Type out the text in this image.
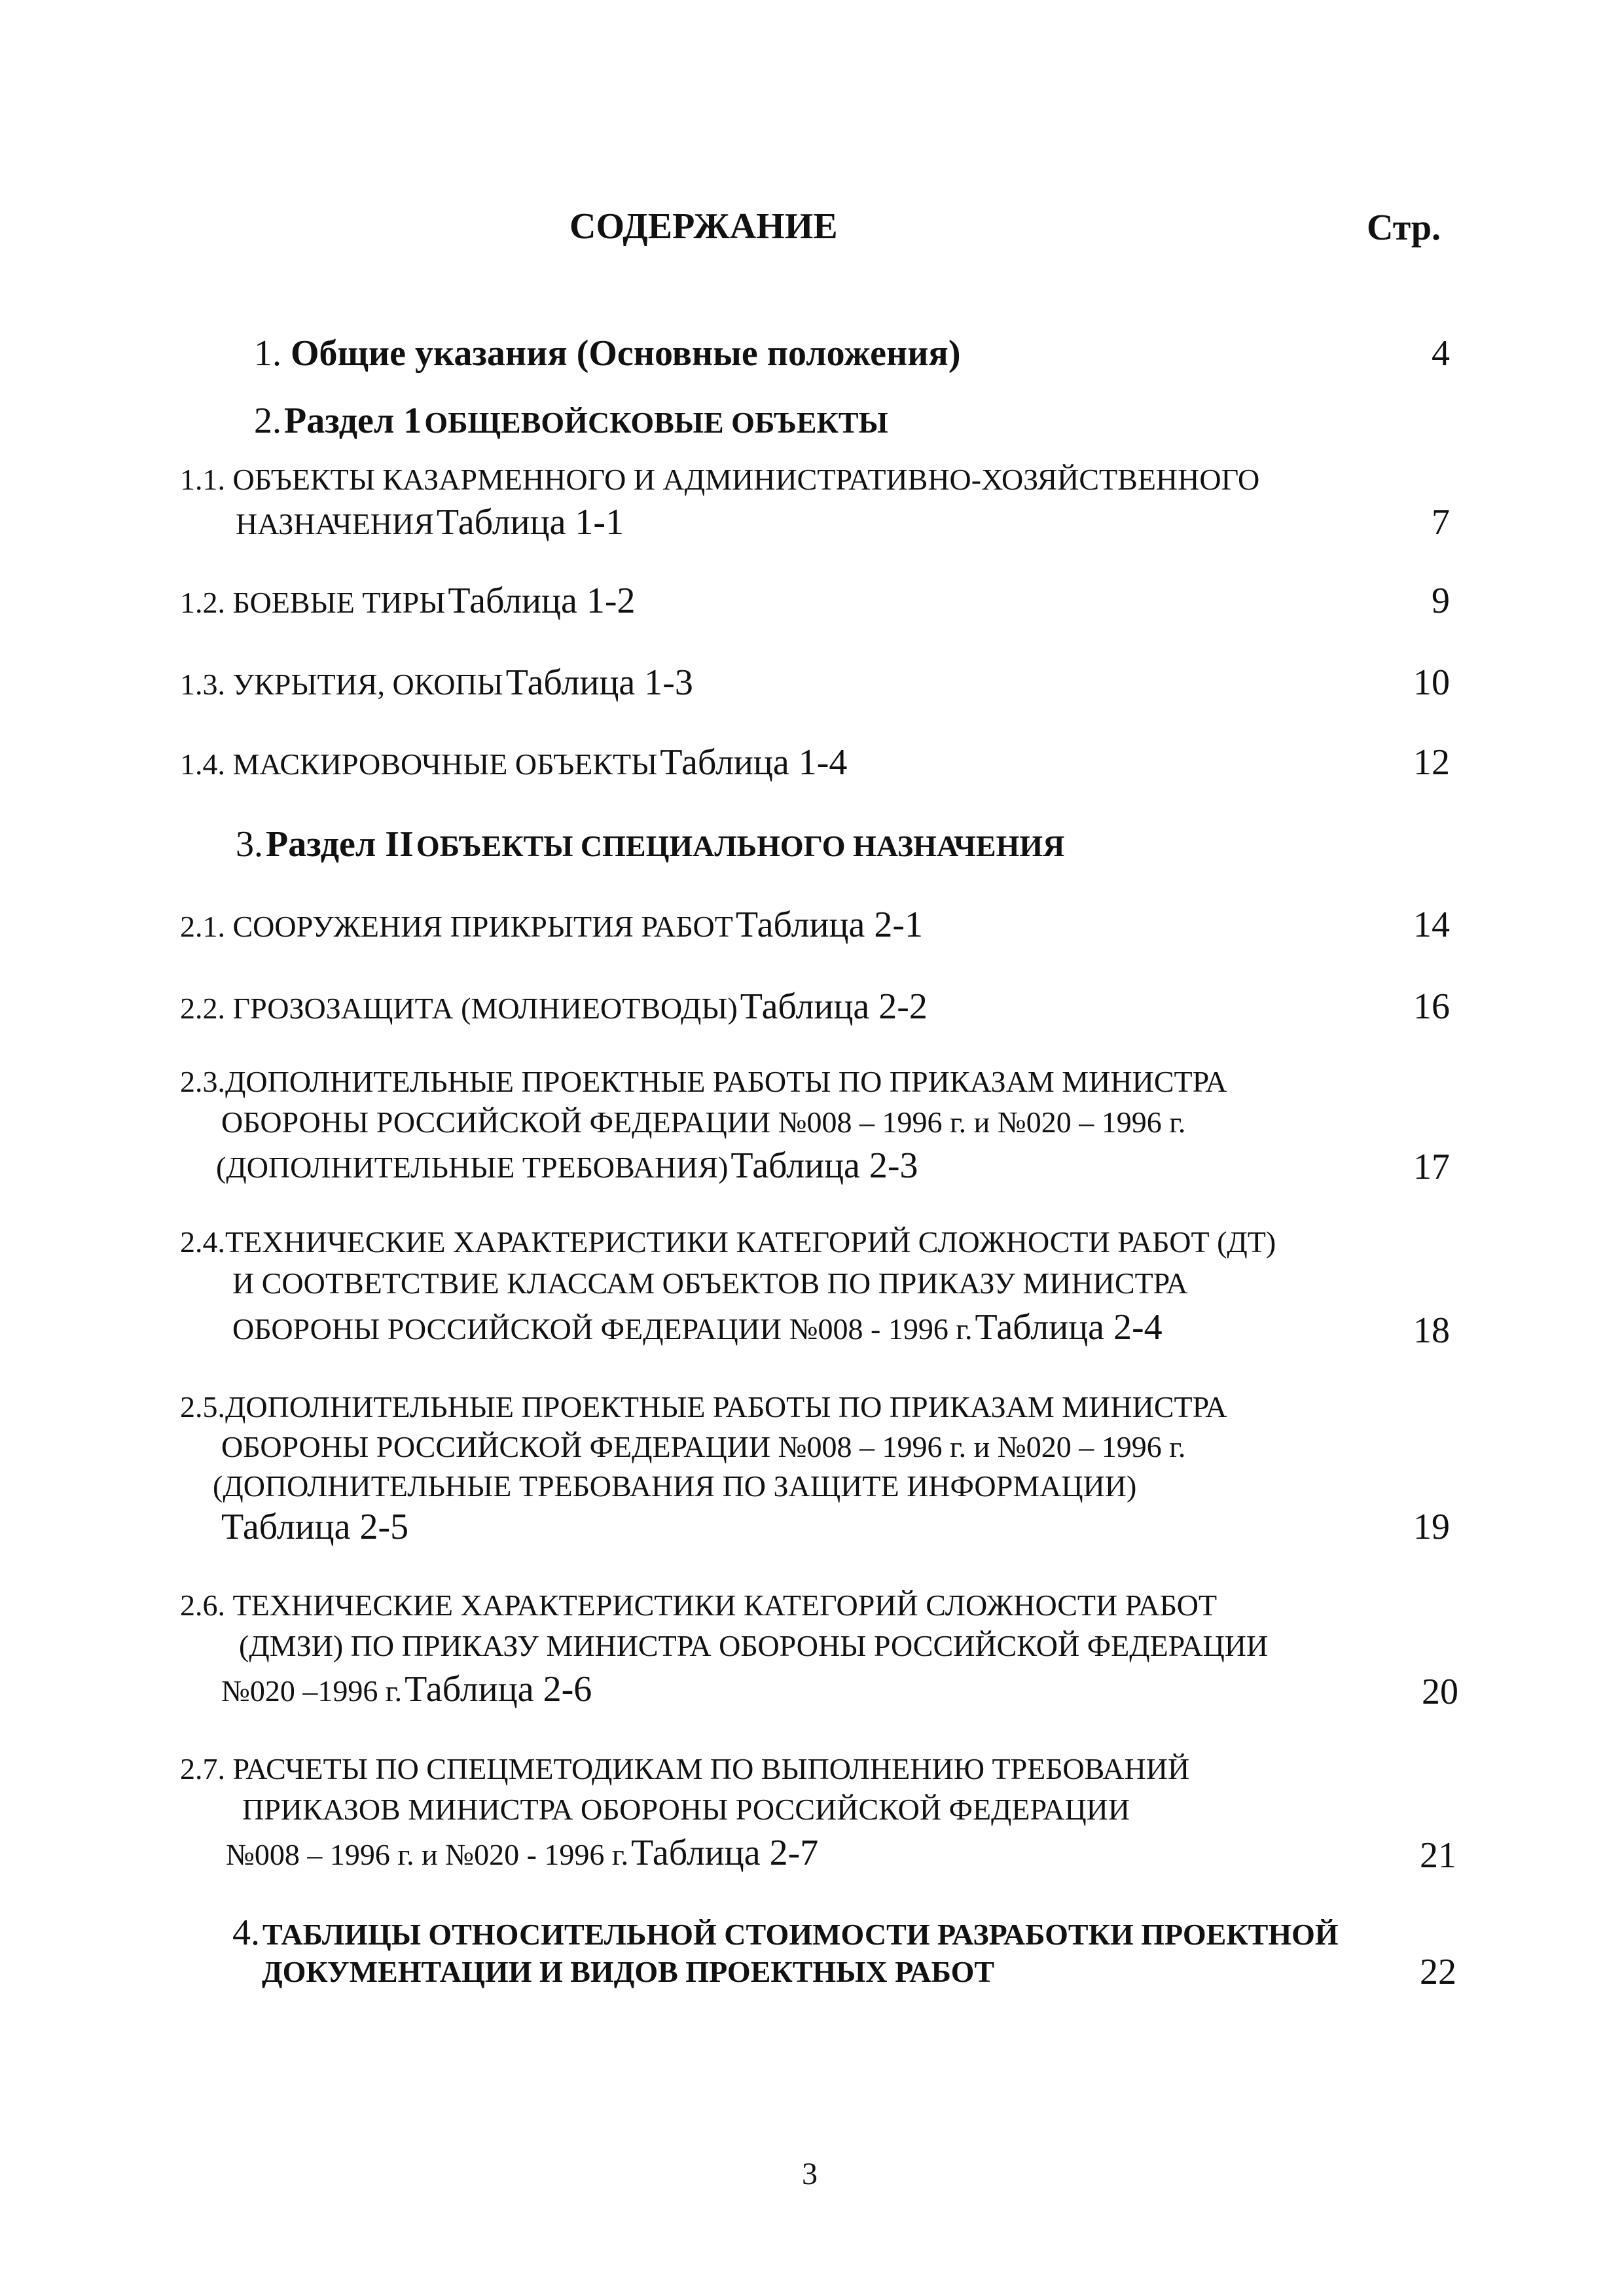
СОДЕРЖАНИЕ	Стр.
1. Общие указания (Основные положения)	4
2. Раздел 1 ОБЩЕВОЙСКОВЫЕ ОБЪЕКТЫ
1.1. ОБЪЕКТЫ КАЗАРМЕННОГО И АДМИНИСТРАТИВНО-ХОЗЯЙСТВЕННОГО
НАЗНАЧЕНИЯ Таблица 1-1	7
1.2. БОЕВЫЕ ТИРЫ Таблица 1-2	9
1.3. УКРЫТИЯ, ОКОПЫ Таблица 1-3	10
1.4. МАСКИРОВОЧНЫЕ ОБЪЕКТЫ Таблица 1-4	12
3. Раздел II ОБЪЕКТЫ СПЕЦИАЛЬНОГО НАЗНАЧЕНИЯ
2.1. СООРУЖЕНИЯ ПРИКРЫТИЯ РАБОТ Таблица 2-1	14
2.2. ГРОЗОЗАЩИТА (МОЛНИЕОТВОДЫ) Таблица 2-2	16
2.3.ДОПОЛНИТЕЛЬНЫЕ ПРОЕКТНЫЕ РАБОТЫ ПО ПРИКАЗАМ МИНИСТРА
ОБОРОНЫ РОССИЙСКОЙ ФЕДЕРАЦИИ №008 – 1996 г. и №020 – 1996 г.
(ДОПОЛНИТЕЛЬНЫЕ ТРЕБОВАНИЯ) Таблица 2-3	17
2.4.ТЕХНИЧЕСКИЕ ХАРАКТЕРИСТИКИ КАТЕГОРИЙ СЛОЖНОСТИ РАБОТ (ДТ)
И СООТВЕТСТВИЕ КЛАССАМ ОБЪЕКТОВ ПО ПРИКАЗУ МИНИСТРА
ОБОРОНЫ РОССИЙСКОЙ ФЕДЕРАЦИИ №008 - 1996 г. Таблица 2-4	18
2.5.ДОПОЛНИТЕЛЬНЫЕ ПРОЕКТНЫЕ РАБОТЫ ПО ПРИКАЗАМ МИНИСТРА
ОБОРОНЫ РОССИЙСКОЙ ФЕДЕРАЦИИ №008 – 1996 г. и №020 – 1996 г.
(ДОПОЛНИТЕЛЬНЫЕ ТРЕБОВАНИЯ ПО ЗАЩИТЕ ИНФОРМАЦИИ)
Таблица 2-5	19
2.6. ТЕХНИЧЕСКИЕ ХАРАКТЕРИСТИКИ КАТЕГОРИЙ СЛОЖНОСТИ РАБОТ
(ДМЗИ) ПО ПРИКАЗУ МИНИСТРА ОБОРОНЫ РОССИЙСКОЙ ФЕДЕРАЦИИ
№020 –1996 г. Таблица 2-6	20
2.7. РАСЧЕТЫ ПО СПЕЦМЕТОДИКАМ ПО ВЫПОЛНЕНИЮ ТРЕБОВАНИЙ
ПРИКАЗОВ МИНИСТРА ОБОРОНЫ РОССИЙСКОЙ ФЕДЕРАЦИИ
№008 – 1996 г. и №020 - 1996 г. Таблица 2-7	21
4. ТАБЛИЦЫ ОТНОСИТЕЛЬНОЙ СТОИМОСТИ РАЗРАБОТКИ ПРОЕКТНОЙ
ДОКУМЕНТАЦИИ И ВИДОВ ПРОЕКТНЫХ РАБОТ	22
3
